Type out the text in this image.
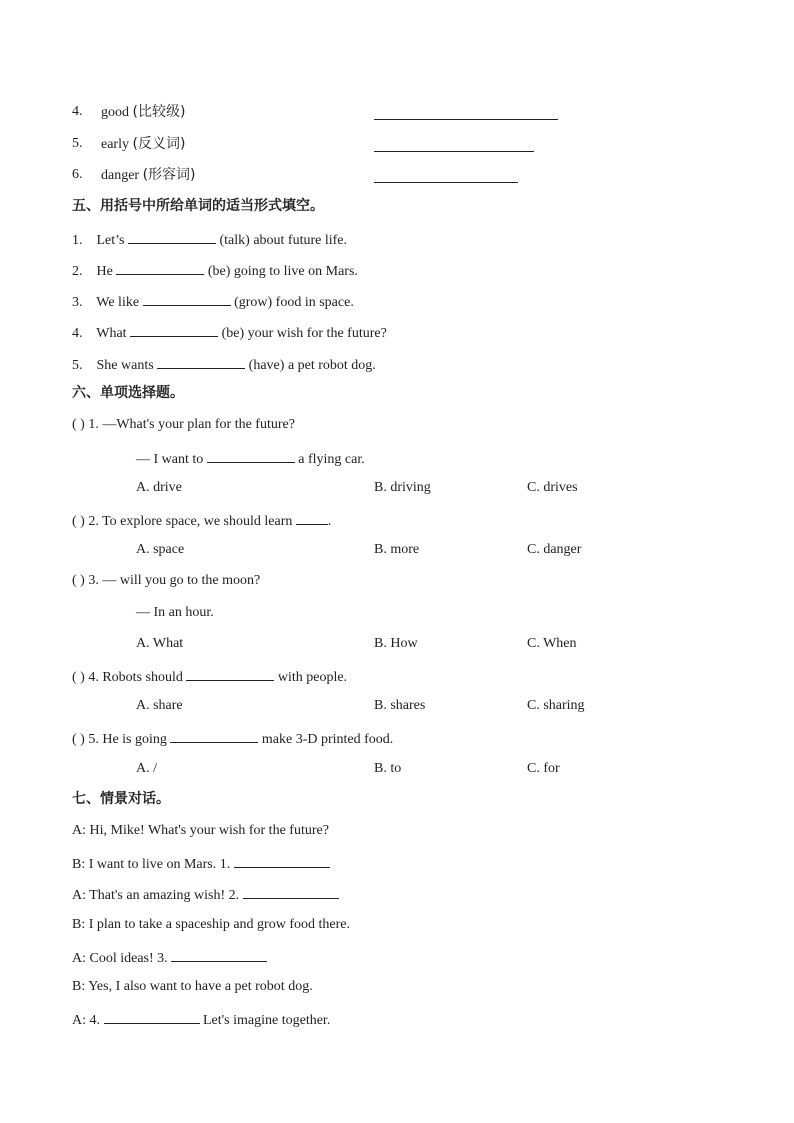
4. good (比较级)
5. early (反义词)
6. danger (形容词)
五、用括号中所给单词的适当形式填空。
1. Let’s	(talk) about future life.
2. He	(be) going to live on Mars.
3. We like	(grow) food in space.
4. What	(be) your wish for the future?
5. She wants	(have) a pet robot dog.
六、单项选择题。
( ) 1. —What's your plan for the future?
— I want to	a flying car.
A. drive	B. driving	C. drives
( ) 2. To explore space, we should learn	.
A. space	B. more	C. danger
( ) 3. — will you go to the moon?
— In an hour.
A. What	B. How	C. When
( ) 4. Robots should	with people.
A. share	B. shares	C. sharing
( ) 5. He is going	make 3-D printed food.
A. /	B. to	C. for
七、情景对话。
A: Hi, Mike! What's your wish for the future?
B: I want to live on Mars. 1.
A: That's an amazing wish! 2.
B: I plan to take a spaceship and grow food there.
A: Cool ideas! 3.
B: Yes, I also want to have a pet robot dog.
A: 4.	Let's imagine together.
